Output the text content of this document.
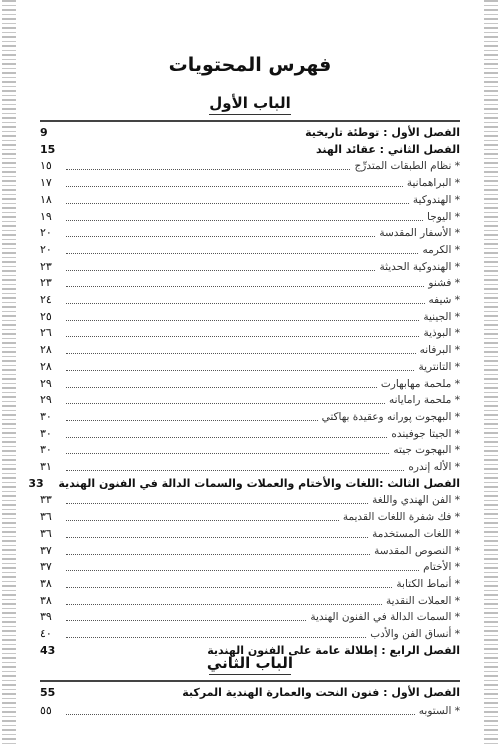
فهرس المحتويات
الباب الأول
الفصل الأول : توطئة تاريخية
9
الفصل الثاني : عقائد الهند
15
* نظام الطبقات المتدرِّج
١٥
* البراهمانية
١٧
* الهندوكية
١٨
* اليوجا
١٩
* الأسفار المقدسة
٢٠
* الكرمه
٢٠
* الهندوكية الحديثة
٢٣
* فشنو
٢٣
* شيفه
٢٤
* الجينية
٢٥
* البوذية
٢٦
* البرفانه
٢٨
* التانترية
٢٨
* ملحمة مهابهارت
٢٩
* ملحمة رامايانه
٢٩
* البهجوت پورانه وعقيدة بهاكتي
٣٠
* الجيتا جوفينده
٣٠
* البهجوت جيته
٣٠
* الأله إندره
٣١
الفصل الثالث :اللغات والأختام والعملات والسمات الدالة في الفنون الهندية
33
* الفن الهندي واللغة
٣٣
* فك شفرة اللغات القديمة
٣٦
* اللغات المستخدمة
٣٦
* النصوص المقدسة
٣٧
* الأختام
٣٧
* أنماط الكتابة
٣٨
* العملات النقدية
٣٨
* السمات الدالة في الفنون الهندية
٣٩
* أنساق الفن والأدب
٤٠
الفصل الرابع : إطلالة عامة على الفنون الهندية
43
الباب الثاني
الفصل الأول : فنون النحت والعمارة الهندية المركبة
55
* الستوبه
٥٥
